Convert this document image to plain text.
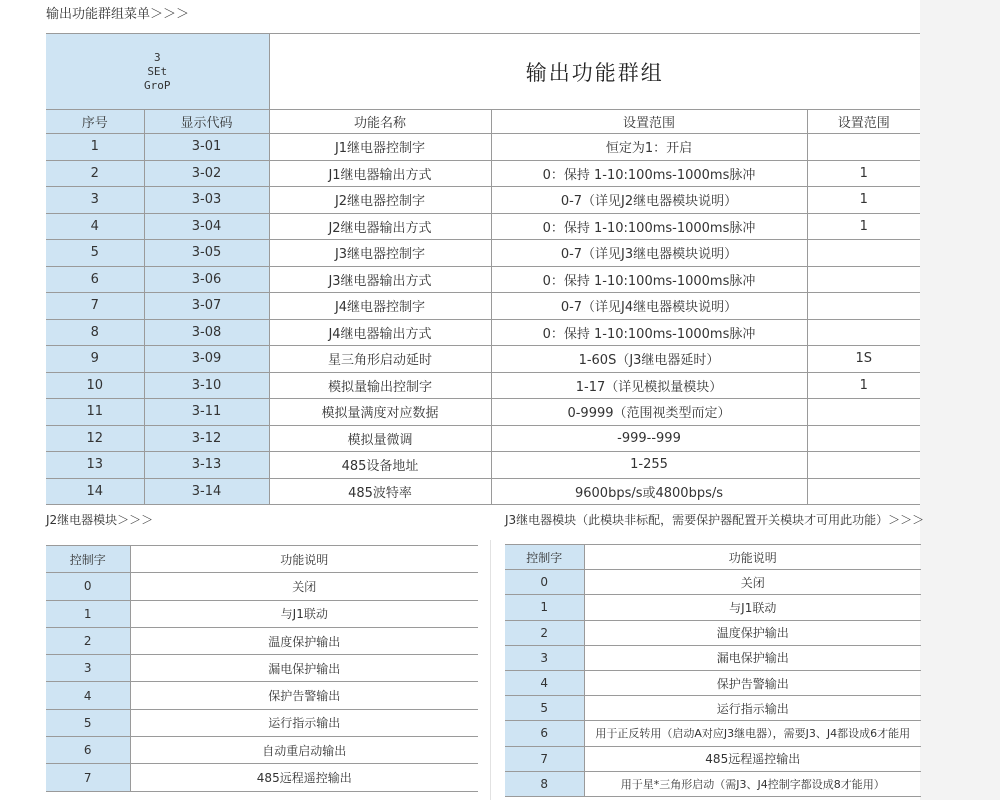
输出功能群组菜单＞＞＞
3
SEt
GroP		输出功能群组		
序号	显示代码	功能名称	设置范围	设置范围
1	3-01	J1继电器控制字	恒定为1：开启	
2	3-02	J1继电器输出方式	0：保持 1-10:100ms-1000ms脉冲	1
3	3-03	J2继电器控制字	0-7（详见J2继电器模块说明）	1
4	3-04	J2继电器输出方式	0：保持 1-10:100ms-1000ms脉冲	1
5	3-05	J3继电器控制字	0-7（详见J3继电器模块说明）	
6	3-06	J3继电器输出方式	0：保持 1-10:100ms-1000ms脉冲	
7	3-07	J4继电器控制字	0-7（详见J4继电器模块说明）	
8	3-08	J4继电器输出方式	0：保持 1-10:100ms-1000ms脉冲	
9	3-09	星三角形启动延时	1-60S（J3继电器延时）	1S
10	3-10	模拟量输出控制字	1-17（详见模拟量模块）	1
11	3-11	模拟量满度对应数据	0-9999（范围视类型而定）	
12	3-12	模拟量微调	-999--999	
13	3-13	485设备地址	1-255	
14	3-14	485波特率	9600bps/s或4800bps/s	
J2继电器模块＞＞＞
控制字	功能说明
0	关闭
1	与J1联动
2	温度保护输出
3	漏电保护输出
4	保护告警输出
5	运行指示输出
6	自动重启动输出
7	485远程遥控输出
J3继电器模块（此模块非标配，需要保护器配置开关模块才可用此功能）＞＞＞
控制字	功能说明
0	关闭
1	与J1联动
2	温度保护输出
3	漏电保护输出
4	保护告警输出
5	运行指示输出
6	用于正反转用（启动A对应J3继电器），需要J3、J4都设成6才能用
7	485远程遥控输出
8	用于星*三角形启动（需J3、J4控制字都设成8才能用）
